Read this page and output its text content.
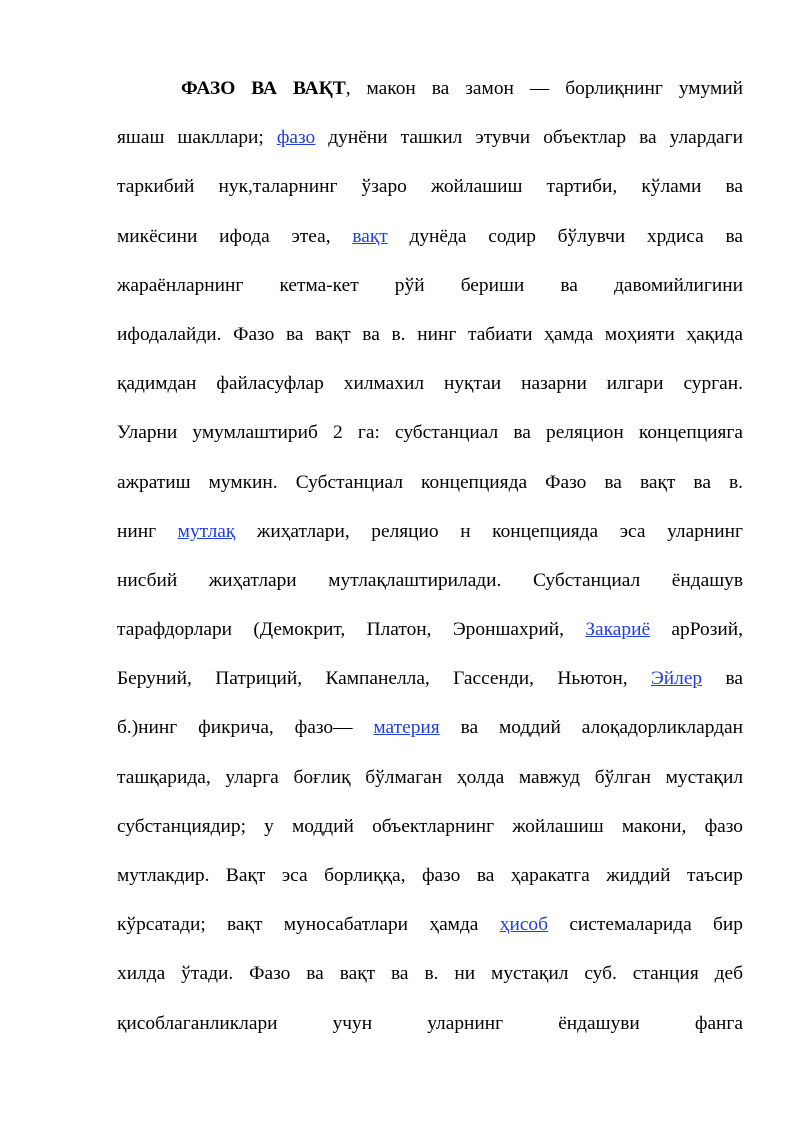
ФАЗО ВА ВАҚТ, макон ва замон — борлиқнинг умумий
яшаш шакллари; фазо дунёни ташкил этувчи объектлар ва улардаги
таркибий нук,таларнинг ўзаро жойлашиш тартиби, кўлами ва
микёсини ифода этеа, вақт дунёда содир бўлувчи хрдиса ва
жараёнларнинг кетма-кет рўй бериши ва давомийлигини
ифодалайди. Фазо ва вақт ва в. нинг табиати ҳамда моҳияти ҳақида
қадимдан файласуфлар хилмахил нуқтаи назарни илгари сурган.
Уларни умумлаштириб 2 га: субстанциал ва реляцион концепцияга
ажратиш мумкин. Субстанциал концепцияда Фазо ва вақт ва в.
нинг мутлақ жиҳатлари, реляцио н концепцияда эса уларнинг
нисбий жиҳатлари мутлақлаштирилади. Субстанциал ёндашув
тарафдорлари (Демокрит, Платон, Эроншахрий, Закариё арРозий,
Беруний, Патриций, Кампанелла, Гассенди, Ньютон, Эйлер ва
б.)нинг фикрича, фазо— материя ва моддий алоқадорликлардан
ташқарида, уларга боғлиқ бўлмаган ҳолда мавжуд бўлган мустақил
субстанциядир; у моддий объектларнинг жойлашиш макони, фазо
мутлакдир. Вақт эса борлиққа, фазо ва ҳаракатга жиддий таъсир
кўрсатади; вақт муносабатлари ҳамда ҳисоб системаларида бир
хилда ўтади. Фазо ва вақт ва в. ни мустақил суб. станция деб
қисоблаганликлари учун уларнинг ёндашуви фанга
